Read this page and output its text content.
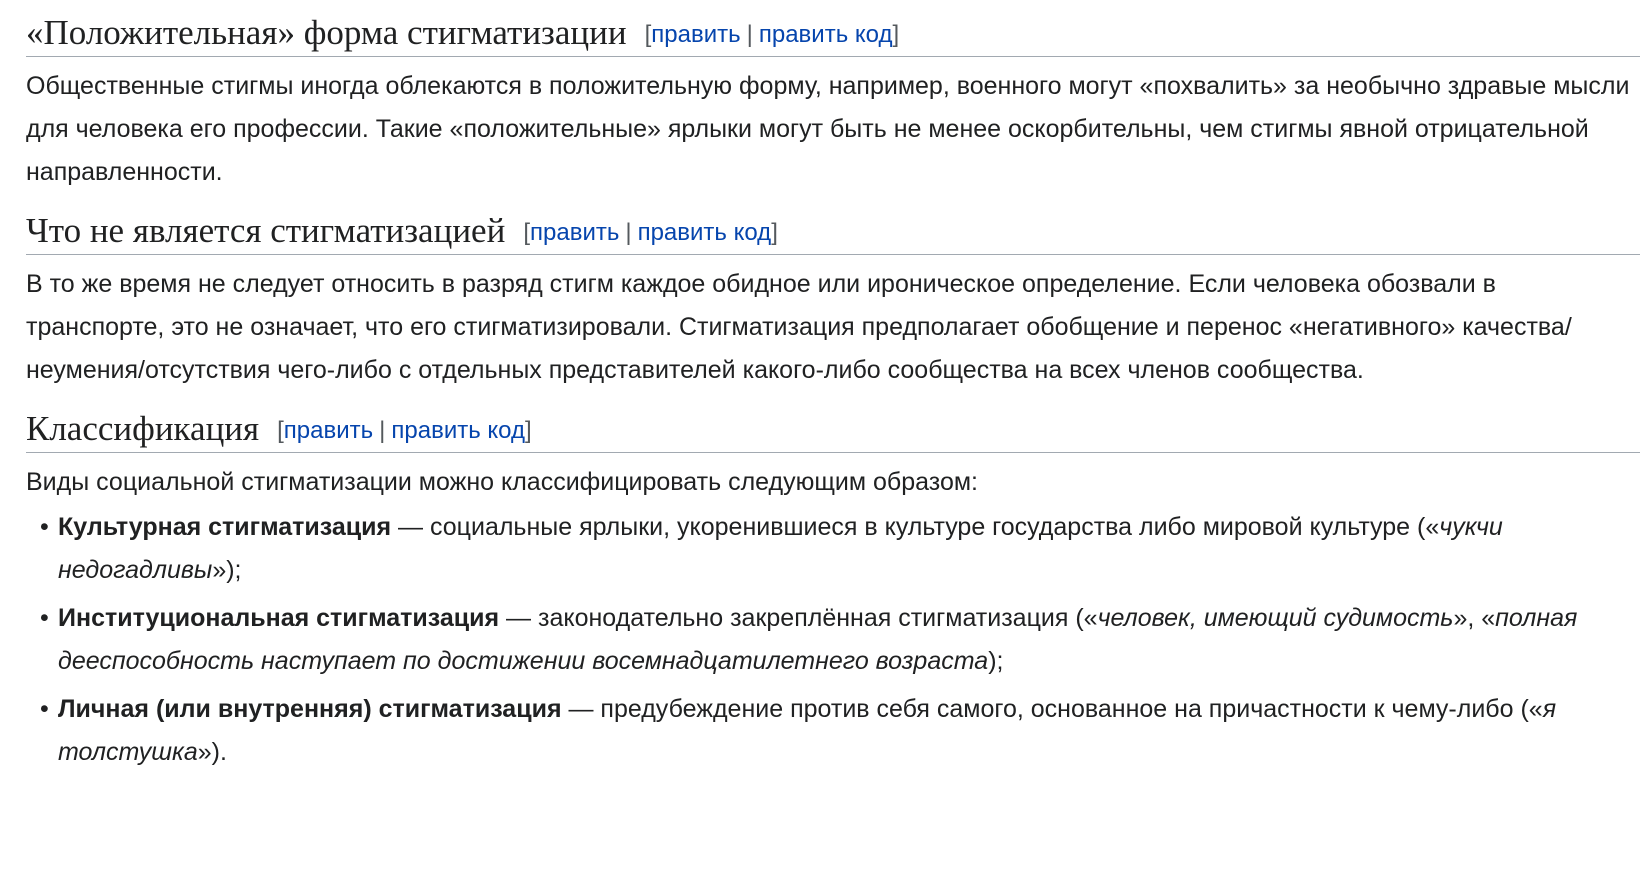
«Положительная» форма стигматизации [править | править код]

Общественные стигмы иногда облекаются в положительную форму, например, военного могут «похвалить» за необычно здравые мысли для человека его профессии. Такие «положительные» ярлыки могут быть не менее оскорбительны, чем стигмы явной отрицательной направленности.

Что не является стигматизацией [править | править код]

В то же время не следует относить в разряд стигм каждое обидное или ироническое определение. Если человека обозвали в транспорте, это не означает, что его стигматизировали. Стигматизация предполагает обобщение и перенос «негативного» качества/неумения/отсутствия чего-либо с отдельных представителей какого-либо сообщества на всех членов сообщества.

Классификация [править | править код]

Виды социальной стигматизации можно классифицировать следующим образом:

• Культурная стигматизация — социальные ярлыки, укоренившиеся в культуре государства либо мировой культуре («чукчи недогадливы»);
• Институциональная стигматизация — законодательно закреплённая стигматизация («человек, имеющий судимость», «полная дееспособность наступает по достижении восемнадцатилетнего возраста);
• Личная (или внутренняя) стигматизация — предубеждение против себя самого, основанное на причастности к чему-либо («я толстушка»).
